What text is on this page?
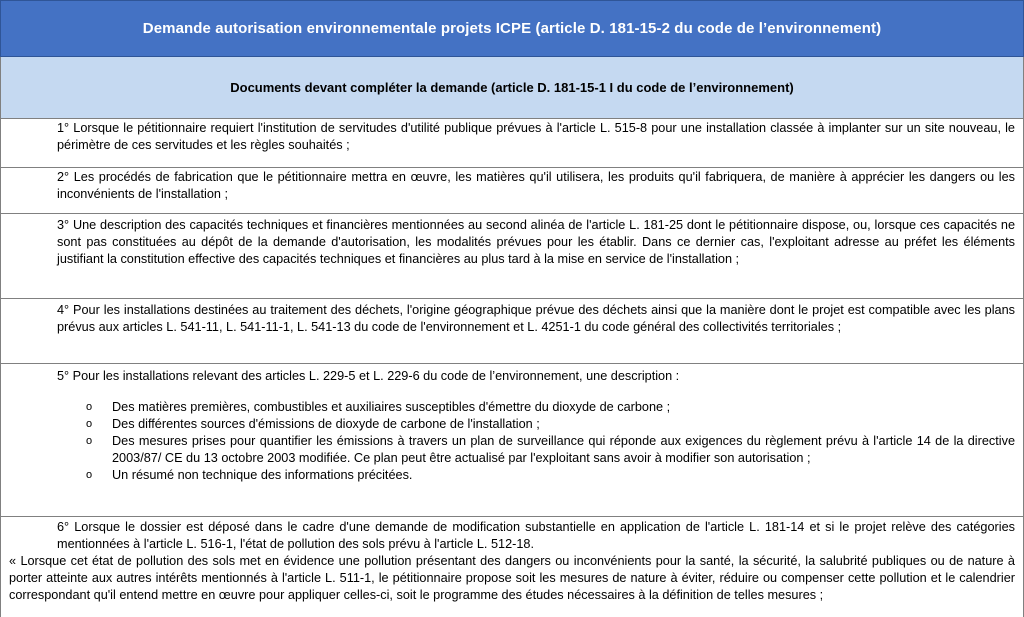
Demande autorisation environnementale projets ICPE (article D. 181-15-2 du code de l’environnement)
Documents devant compléter la demande (article D. 181-15-1 I du code de l’environnement)

1° Lorsque le pétitionnaire requiert l'institution de servitudes d'utilité publique prévues à l'article L. 515-8 pour une installation classée à implanter sur un site nouveau, le périmètre de ces servitudes et les règles souhaités ;

2° Les procédés de fabrication que le pétitionnaire mettra en œuvre, les matières qu'il utilisera, les produits qu'il fabriquera, de manière à apprécier les dangers ou les inconvénients de l'installation ;

3° Une description des capacités techniques et financières mentionnées au second alinéa de l'article L. 181-25 dont le pétitionnaire dispose, ou, lorsque ces capacités ne sont pas constituées au dépôt de la demande d'autorisation, les modalités prévues pour les établir. Dans ce dernier cas, l'exploitant adresse au préfet les éléments justifiant la constitution effective des capacités techniques et financières au plus tard à la mise en service de l'installation ;

4° Pour les installations destinées au traitement des déchets, l'origine géographique prévue des déchets ainsi que la manière dont le projet est compatible avec les plans prévus aux articles L. 541-11, L. 541-11-1, L. 541-13 du code de l'environnement et L. 4251-1 du code général des collectivités territoriales ;

5° Pour les installations relevant des articles L. 229-5 et L. 229-6 du code de l’environnement, une description :

o Des matières premières, combustibles et auxiliaires susceptibles d'émettre du dioxyde de carbone ;
o Des différentes sources d'émissions de dioxyde de carbone de l'installation ;
o Des mesures prises pour quantifier les émissions à travers un plan de surveillance qui réponde aux exigences du règlement prévu à l'article 14 de la directive 2003/87/ CE du 13 octobre 2003 modifiée. Ce plan peut être actualisé par l'exploitant sans avoir à modifier son autorisation ;
o Un résumé non technique des informations précitées.

6° Lorsque le dossier est déposé dans le cadre d'une demande de modification substantielle en application de l'article L. 181-14 et si le projet relève des catégories mentionnées à l'article L. 516-1, l'état de pollution des sols prévu à l'article L. 512-18.

« Lorsque cet état de pollution des sols met en évidence une pollution présentant des dangers ou inconvénients pour la santé, la sécurité, la salubrité publiques ou de nature à porter atteinte aux autres intérêts mentionnés à l'article L. 511-1, le pétitionnaire propose soit les mesures de nature à éviter, réduire ou compenser cette pollution et le calendrier correspondant qu'il entend mettre en œuvre pour appliquer celles-ci, soit le programme des études nécessaires à la définition de telles mesures ;
